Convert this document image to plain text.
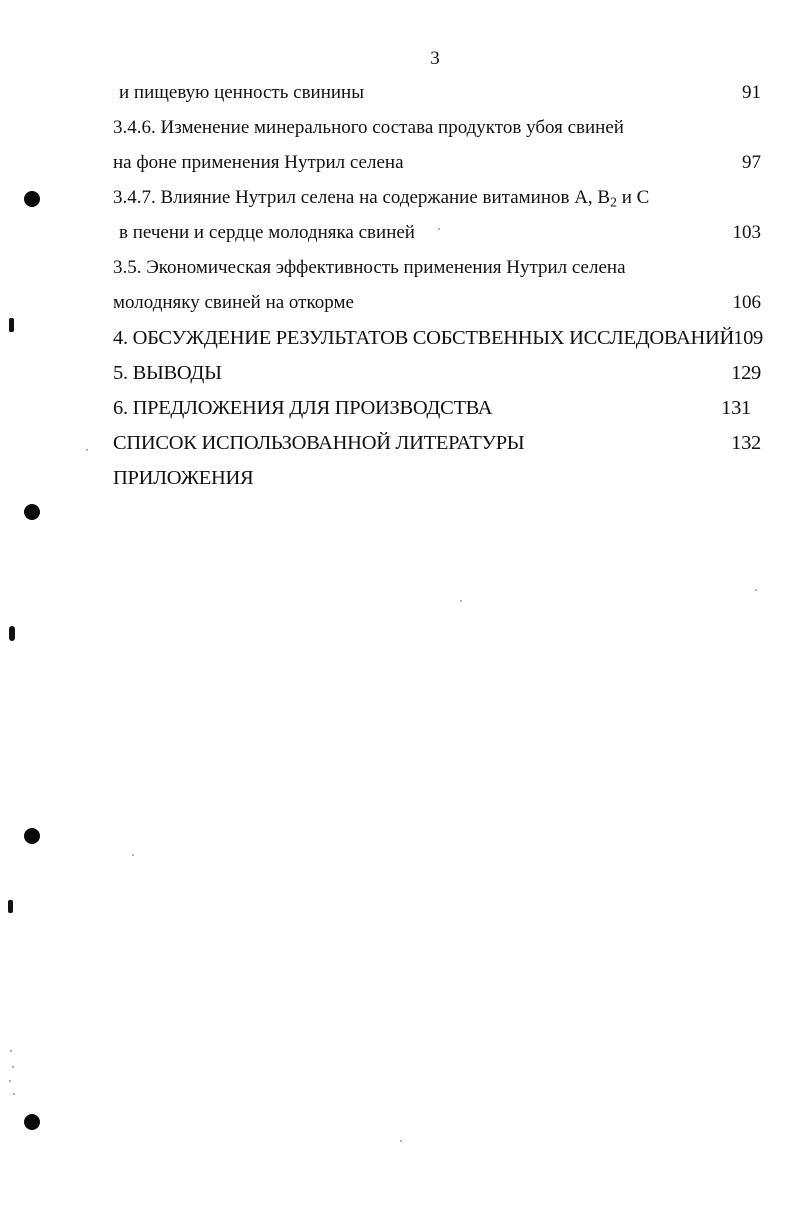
3
и пищевую ценность свинины	91
3.4.6. Изменение минерального состава продуктов убоя свиней
на фоне применения Нутрил селена	97
3.4.7. Влияние Нутрил селена на содержание витаминов А, $В_2$ и С
в печени и сердце молодняка свиней	103
3.5. Экономическая эффективность применения Нутрил селена
молодняку свиней на откорме	106
4. ОБСУЖДЕНИЕ РЕЗУЛЬТАТОВ СОБСТВЕННЫХ ИССЛЕДОВАНИЙ 109
5. ВЫВОДЫ	129
6. ПРЕДЛОЖЕНИЯ ДЛЯ ПРОИЗВОДСТВА	131
СПИСОК ИСПОЛЬЗОВАННОЙ ЛИТЕРАТУРЫ	132
ПРИЛОЖЕНИЯ
